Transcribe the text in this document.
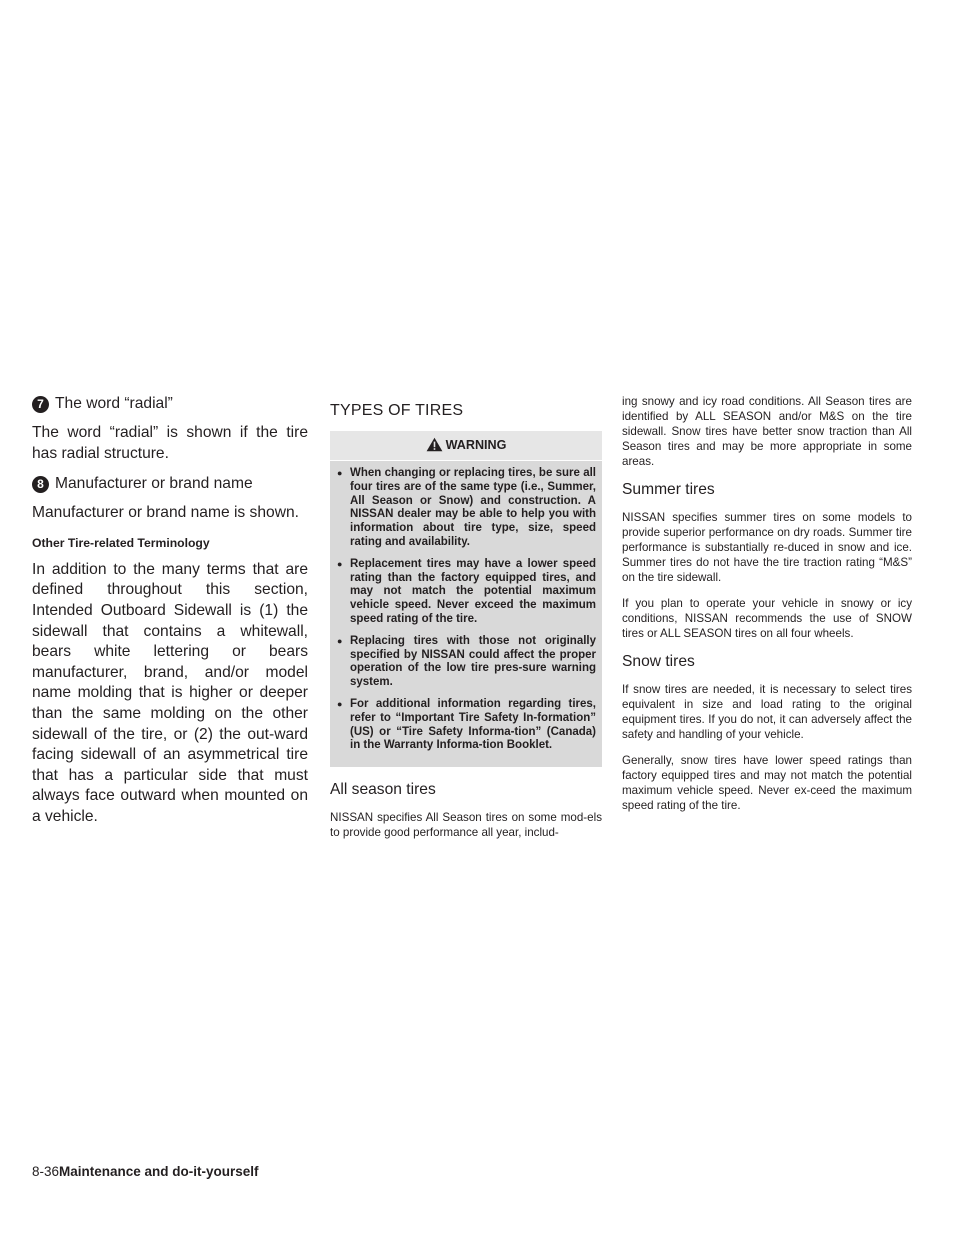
7 The word “radial”

The word “radial” is shown if the tire has radial structure.

8 Manufacturer or brand name

Manufacturer or brand name is shown.

Other Tire-related Terminology

In addition to the many terms that are defined throughout this section, Intended Outboard Sidewall is (1) the sidewall that contains a whitewall, bears white lettering or bears manufacturer, brand, and/or model name molding that is higher or deeper than the same molding on the other sidewall of the tire, or (2) the out-ward facing sidewall of an asymmetrical tire that has a particular side that must always face outward when mounted on a vehicle.

TYPES OF TIRES
WARNING
● When changing or replacing tires, be sure all four tires are of the same type (i.e., Summer, All Season or Snow) and construction. A NISSAN dealer may be able to help you with information about tire type, size, speed rating and availability.
● Replacement tires may have a lower speed rating than the factory equipped tires, and may not match the potential maximum vehicle speed. Never exceed the maximum speed rating of the tire.
● Replacing tires with those not originally specified by NISSAN could affect the proper operation of the low tire pres-sure warning system.
● For additional information regarding tires, refer to “Important Tire Safety In-formation” (US) or “Tire Safety Informa-tion” (Canada) in the Warranty Informa-tion Booklet.
All season tires

NISSAN specifies All Season tires on some mod-els to provide good performance all year, includ-

ing snowy and icy road conditions. All Season tires are identified by ALL SEASON and/or M&S on the tire sidewall. Snow tires have better snow traction than All Season tires and may be more appropriate in some areas.

Summer tires

NISSAN specifies summer tires on some models to provide superior performance on dry roads. Summer tire performance is substantially re-duced in snow and ice. Summer tires do not have the tire traction rating “M&S” on the tire sidewall.

If you plan to operate your vehicle in snowy or icy conditions, NISSAN recommends the use of SNOW tires or ALL SEASON tires on all four wheels.

Snow tires

If snow tires are needed, it is necessary to select tires equivalent in size and load rating to the original equipment tires. If you do not, it can adversely affect the safety and handling of your vehicle.

Generally, snow tires have lower speed ratings than factory equipped tires and may not match the potential maximum vehicle speed. Never ex-ceed the maximum speed rating of the tire.

8-36Maintenance and do-it-yourself
